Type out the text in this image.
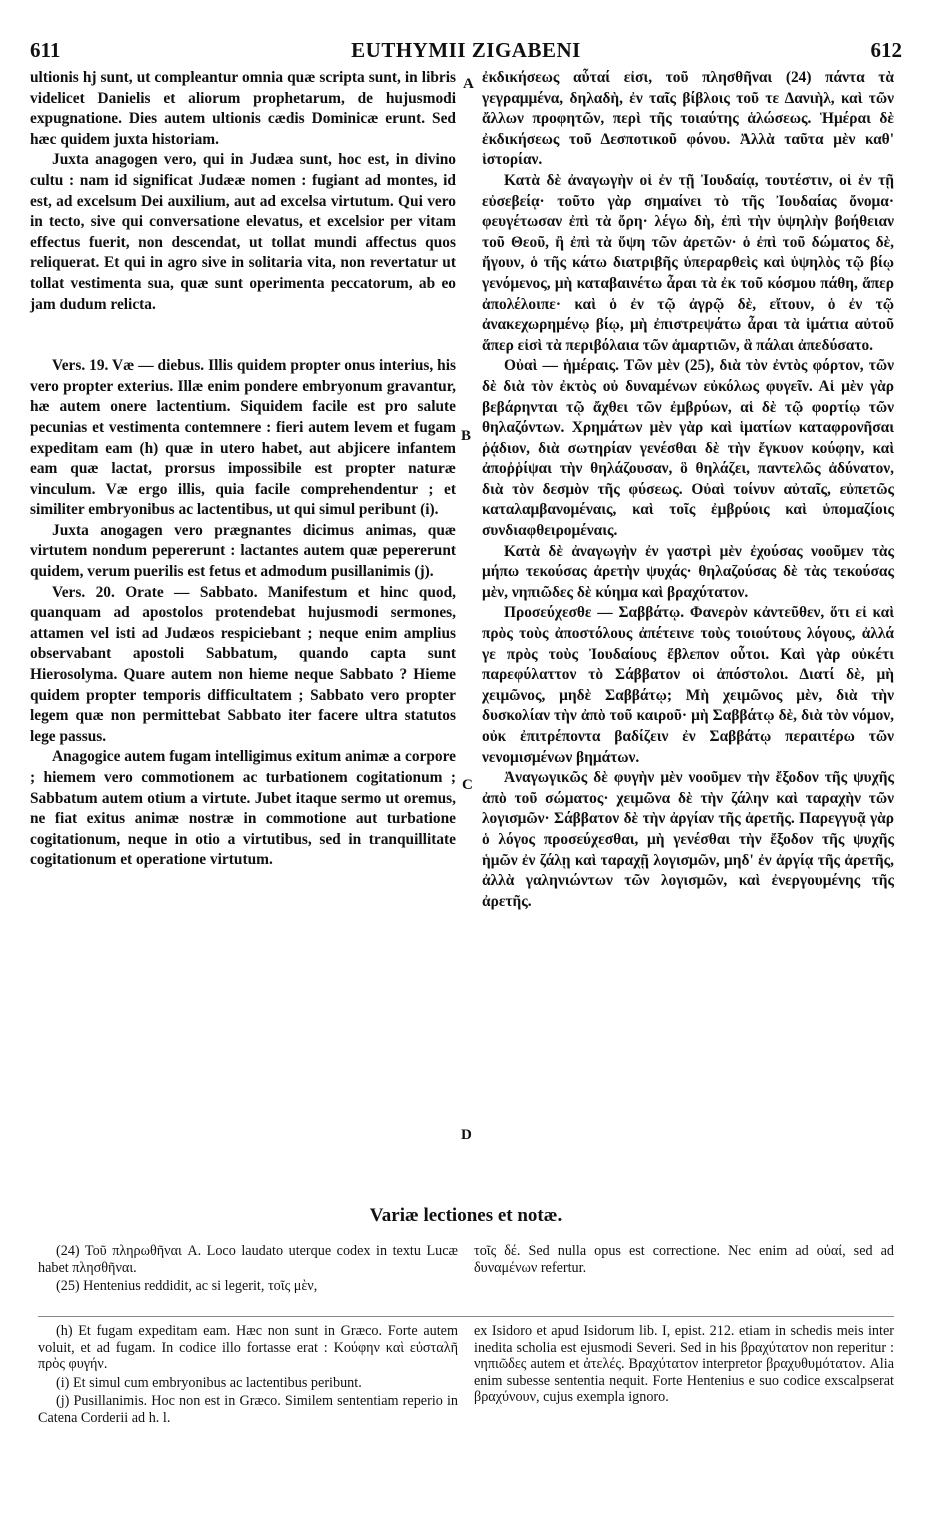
611	EUTHYMII ZIGABENI	612

ultionis hj sunt, ut compleantur omnia quæ scripta sunt, in libris videlicet Danielis et aliorum prophetarum, de hujusmodi expugnatione. Dies autem ultionis cædis Dominicæ erunt. Sed hæc quidem juxta historiam.

Juxta anagogen vero, qui in Judæa sunt, hoc est, in divino cultu : nam id significat Judææ nomen : fugiant ad montes, id est, ad excelsum Dei auxilium, aut ad excelsa virtutum. Qui vero in tecto, sive qui conversatione elevatus, et excelsior per vitam effectus fuerit, non descendat, ut tollat mundi affectus quos reliquerat. Et qui in agro sive in solitaria vita, non revertatur ut tollat vestimenta sua, quæ sunt operimenta peccatorum, ab eo jam dudum relicta.

Vers. 19. Væ — diebus. Illis quidem propter onus interius, his vero propter exterius. Illæ enim pondere embryonum gravantur, hæ autem onere lactentium. Siquidem facile est pro salute pecunias et vestimenta contemnere : fieri autem levem et fugam expeditam eam (h) quæ in utero habet, aut abjicere infantem eam quæ lactat, prorsus impossibile est propter naturæ vinculum. Væ ergo illis, quia facile comprehendentur ; et similiter embryonibus ac lactentibus, ut qui simul peribunt (i).

Juxta anogagen vero prægnantes dicimus animas, quæ virtutem nondum pepererunt : lactantes autem quæ pepererunt quidem, verum puerilis est fetus et admodum pusillanimis (j).

Vers. 20. Orate — Sabbato. Manifestum et hinc quod, quanquam ad apostolos protendebat hujusmodi sermones, attamen vel isti ad Judæos respiciebant ; neque enim amplius observabant apostoli Sabbatum, quando capta sunt Hierosolyma. Quare autem non hieme neque Sabbato ? Hieme quidem propter temporis difficultatem ; Sabbato vero propter legem quæ non permittebat Sabbato iter facere ultra statutos lege passus.

Anagogice autem fugam intelligimus exitum animæ a corpore ; hiemem vero commotionem ac turbationem cogitationum ; Sabbatum autem otium a virtute. Jubet itaque sermo ut oremus, ne fiat exitus animæ nostræ in commotione aut turbatione cogitationum, neque in otio a virtutibus, sed in tranquillitate cogitationum et operatione virtutum.

A
B
C
D

ἐκδικήσεως αὗταί εἰσι, τοῦ πλησθῆναι (24) πάντα τὰ γεγραμμένα, δηλαδὴ, ἐν ταῖς βίβλοις τοῦ τε Δανιὴλ, καὶ τῶν ἄλλων προφητῶν, περὶ τῆς τοιαύτης ἁλώσεως. Ἡμέραι δὲ ἐκδικήσεως τοῦ Δεσποτικοῦ φόνου. Ἀλλὰ ταῦτα μὲν καθ' ἱστορίαν.

Κατὰ δὲ ἀναγωγὴν οἱ ἐν τῇ Ἰουδαίᾳ, τουτέστιν, οἱ ἐν τῇ εὐσεβείᾳ· τοῦτο γὰρ σημαίνει τὸ τῆς Ἰουδαίας ὄνομα· φευγέτωσαν ἐπὶ τὰ ὄρη· λέγω δὴ, ἐπὶ τὴν ὑψηλὴν βοήθειαν τοῦ Θεοῦ, ἢ ἐπὶ τὰ ὕψη τῶν ἀρετῶν· ὁ ἐπὶ τοῦ δώματος δὲ, ἤγουν, ὁ τῆς κάτω διατριβῆς ὑπεραρθεὶς καὶ ὑψηλὸς τῷ βίῳ γενόμενος, μὴ καταβαινέτω ἆραι τὰ ἐκ τοῦ κόσμου πάθη, ἅπερ ἀπολέλοιπε· καὶ ὁ ἐν τῷ ἀγρῷ δὲ, εἴτουν, ὁ ἐν τῷ ἀνακεχωρημένῳ βίῳ, μὴ ἐπιστρεψάτω ἆραι τὰ ἱμάτια αὐτοῦ ἅπερ εἰσὶ τὰ περιβόλαια τῶν ἁμαρτιῶν, ἃ πάλαι ἀπεδύσατο.

Οὐαὶ — ἡμέραις. Τῶν μὲν (25), διὰ τὸν ἐντὸς φόρτον, τῶν δὲ διὰ τὸν ἐκτὸς οὐ δυναμένων εὐκόλως φυγεῖν. Αἱ μὲν γὰρ βεβάρηνται τῷ ἄχθει τῶν ἐμβρύων, αἱ δὲ τῷ φορτίῳ τῶν θηλαζόντων. Χρημάτων μὲν γὰρ καὶ ἱματίων καταφρονῆσαι ῥᾴδιον, διὰ σωτηρίαν γενέσθαι δὲ τὴν ἔγκυον κούφην, καὶ ἀποῤῥίψαι τὴν θηλάζουσαν, ὃ θηλάζει, παντελῶς ἀδύνατον, διὰ τὸν δεσμὸν τῆς φύσεως. Οὐαὶ τοίνυν αὐταῖς, εὐπετῶς καταλαμβανομέναις, καὶ τοῖς ἐμβρύοις καὶ ὑπομαζίοις συνδιαφθειρομέναις.

Κατὰ δὲ ἀναγωγὴν ἐν γαστρὶ μὲν ἐχούσας νοοῦμεν τὰς μήπω τεκούσας ἀρετὴν ψυχάς· θηλαζούσας δὲ τὰς τεκούσας μὲν, νηπιῶδες δὲ κύημα καὶ βραχύτατον.

Προσεύχεσθε — Σαββάτῳ. Φανερὸν κἀντεῦθεν, ὅτι εἰ καὶ πρὸς τοὺς ἀποστόλους ἀπέτεινε τοὺς τοιούτους λόγους, ἀλλά γε πρὸς τοὺς Ἰουδαίους ἔβλεπον οὗτοι. Καὶ γὰρ οὐκέτι παρεφύλαττον τὸ Σάββατον οἱ ἀπόστολοι. Διατί δὲ, μὴ χειμῶνος, μηδὲ Σαββάτῳ; Μὴ χειμῶνος μὲν, διὰ τὴν δυσκολίαν τὴν ἀπὸ τοῦ καιροῦ· μὴ Σαββάτῳ δὲ, διὰ τὸν νόμον, οὐκ ἐπιτρέποντα βαδίζειν ἐν Σαββάτῳ περαιτέρω τῶν νενομισμένων βημάτων.

Ἀναγωγικῶς δὲ φυγὴν μὲν νοοῦμεν τὴν ἔξοδον τῆς ψυχῆς ἀπὸ τοῦ σώματος· χειμῶνα δὲ τὴν ζάλην καὶ ταραχὴν τῶν λογισμῶν· Σάββατον δὲ τὴν ἀργίαν τῆς ἀρετῆς. Παρεγγυᾷ γὰρ ὁ λόγος προσεύχεσθαι, μὴ γενέσθαι τὴν ἔξοδον τῆς ψυχῆς ἡμῶν ἐν ζάλῃ καὶ ταραχῇ λογισμῶν, μηδ' ἐν ἀργίᾳ τῆς ἀρετῆς, ἀλλὰ γαληνιώντων τῶν λογισμῶν, καὶ ἐνεργουμένης τῆς ἀρετῆς.

Variæ lectiones et notæ.

(24) Τοῦ πληρωθῆναι A. Loco laudato uterque codex in textu Lucæ habet πλησθῆναι.

(25) Hentenius reddidit, ac si legerit, τοῖς μὲν,

τοῖς δέ. Sed nulla opus est correctione. Nec enim ad οὐαί, sed ad δυναμένων refertur.

(h) Et fugam expeditam eam. Hæc non sunt in Græco. Forte autem voluit, et ad fugam. In codice illo fortasse erat : Κούφην καὶ εὐσταλῆ πρὸς φυγήν.

(i) Et simul cum embryonibus ac lactentibus peribunt.

(j) Pusillanimis. Hoc non est in Græco. Similem sententiam reperio in Catena Corderii ad h. l.

ex Isidoro et apud Isidorum lib. I, epist. 212. etiam in schedis meis inter inedita scholia est ejusmodi Severi. Sed in his βραχύτατον non reperitur : νηπιῶδες autem et ἀτελές. Βραχύτατον interpretor βραχυθυμότατον. Alia enim subesse sententia nequit. Forte Hentenius e suo codice exscalpserat βραχύνουν, cujus exempla ignoro.
